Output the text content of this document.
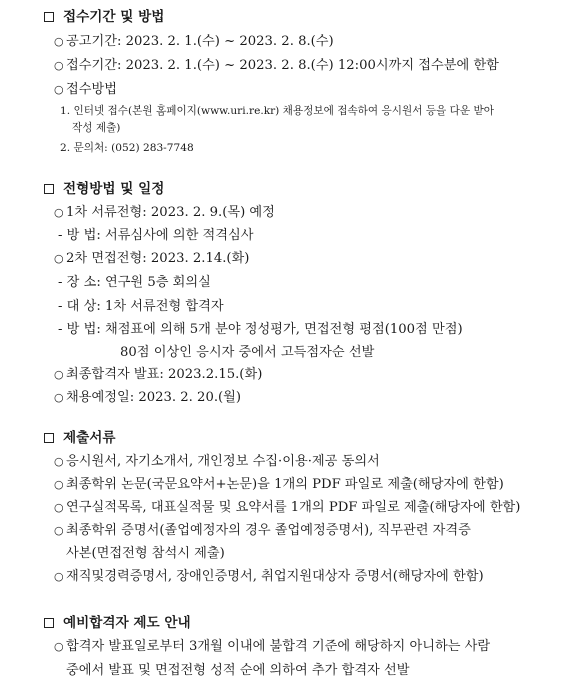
접수기간 및 방법
○ 공고기간: 2023. 2. 1.(수) ~ 2023. 2. 8.(수)
○ 접수기간: 2023. 2. 1.(수) ~ 2023. 2. 8.(수) 12:00시까지 접수분에 한함
○ 접수방법
1. 인터넷 접수(본원 홈페이지(www.uri.re.kr) 채용정보에 접속하여 응시원서 등을 다운 받아
작성 제출)
2. 문의처: (052) 283-7748
전형방법 및 일정
○ 1차 서류전형: 2023. 2. 9.(목) 예정
- 방 법: 서류심사에 의한 적격심사
○ 2차 면접전형: 2023. 2.14.(화)
- 장 소: 연구원 5층 회의실
- 대 상: 1차 서류전형 합격자
- 방 법: 채점표에 의해 5개 분야 정성평가, 면접전형 평점(100점 만점)
80점 이상인 응시자 중에서 고득점자순 선발
○ 최종합격자 발표: 2023.2.15.(화)
○ 채용예정일: 2023. 2. 20.(월)
제출서류
○ 응시원서, 자기소개서, 개인정보 수집·이용·제공 동의서
○ 최종학위 논문(국문요약서+논문)을 1개의 PDF 파일로 제출(해당자에 한함)
○ 연구실적목록, 대표실적물 및 요약서를 1개의 PDF 파일로 제출(해당자에 한함)
○ 최종학위 증명서(졸업예정자의 경우 졸업예정증명서), 직무관련 자격증
사본(면접전형 참석시 제출)
○ 재직및경력증명서, 장애인증명서, 취업지원대상자 증명서(해당자에 한함)
예비합격자 제도 안내
○ 합격자 발표일로부터 3개월 이내에 불합격 기준에 해당하지 아니하는 사람
중에서 발표 및 면접전형 성적 순에 의하여 추가 합격자 선발
